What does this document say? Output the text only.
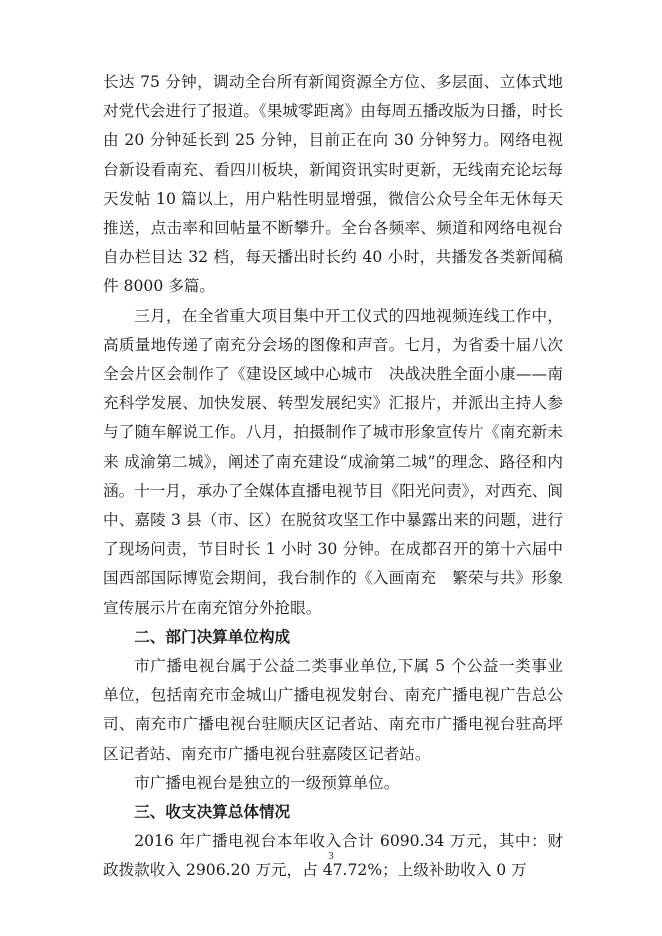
长达 75 分钟，调动全台所有新闻资源全方位、多层面、立体式地对党代会进行了报道。《果城零距离》由每周五播改版为日播，时长由 20 分钟延长到 25 分钟，目前正在向 30 分钟努力。网络电视台新设看南充、看四川板块，新闻资讯实时更新，无线南充论坛每天发帖 10 篇以上，用户粘性明显增强，微信公众号全年无休每天推送，点击率和回帖量不断攀升。全台各频率、频道和网络电视台自办栏目达 32 档，每天播出时长约 40 小时，共播发各类新闻稿件 8000 多篇。

三月，在全省重大项目集中开工仪式的四地视频连线工作中，高质量地传递了南充分会场的图像和声音。七月，为省委十届八次全会片区会制作了《建设区域中心城市　决战决胜全面小康——南充科学发展、加快发展、转型发展纪实》汇报片，并派出主持人参与了随车解说工作。八月，拍摄制作了城市形象宣传片《南充新未来 成渝第二城》，阐述了南充建设“成渝第二城”的理念、路径和内涵。十一月，承办了全媒体直播电视节目《阳光问责》，对西充、阆中、嘉陵 3 县（市、区）在脱贫攻坚工作中暴露出来的问题，进行了现场问责，节目时长 1 小时 30 分钟。在成都召开的第十六届中国西部国际博览会期间，我台制作的《入画南充　繁荣与共》形象宣传展示片在南充馆分外抢眼。

二、部门决算单位构成

市广播电视台属于公益二类事业单位,下属 5 个公益一类事业单位，包括南充市金城山广播电视发射台、南充广播电视广告总公司、南充市广播电视台驻顺庆区记者站、南充市广播电视台驻高坪区记者站、南充市广播电视台驻嘉陵区记者站。

市广播电视台是独立的一级预算单位。

三、收支决算总体情况

2016 年广播电视台本年收入合计 6090.34 万元，其中：财政拨款收入 2906.20 万元，占 47.72%；上级补助收入 0 万

3
